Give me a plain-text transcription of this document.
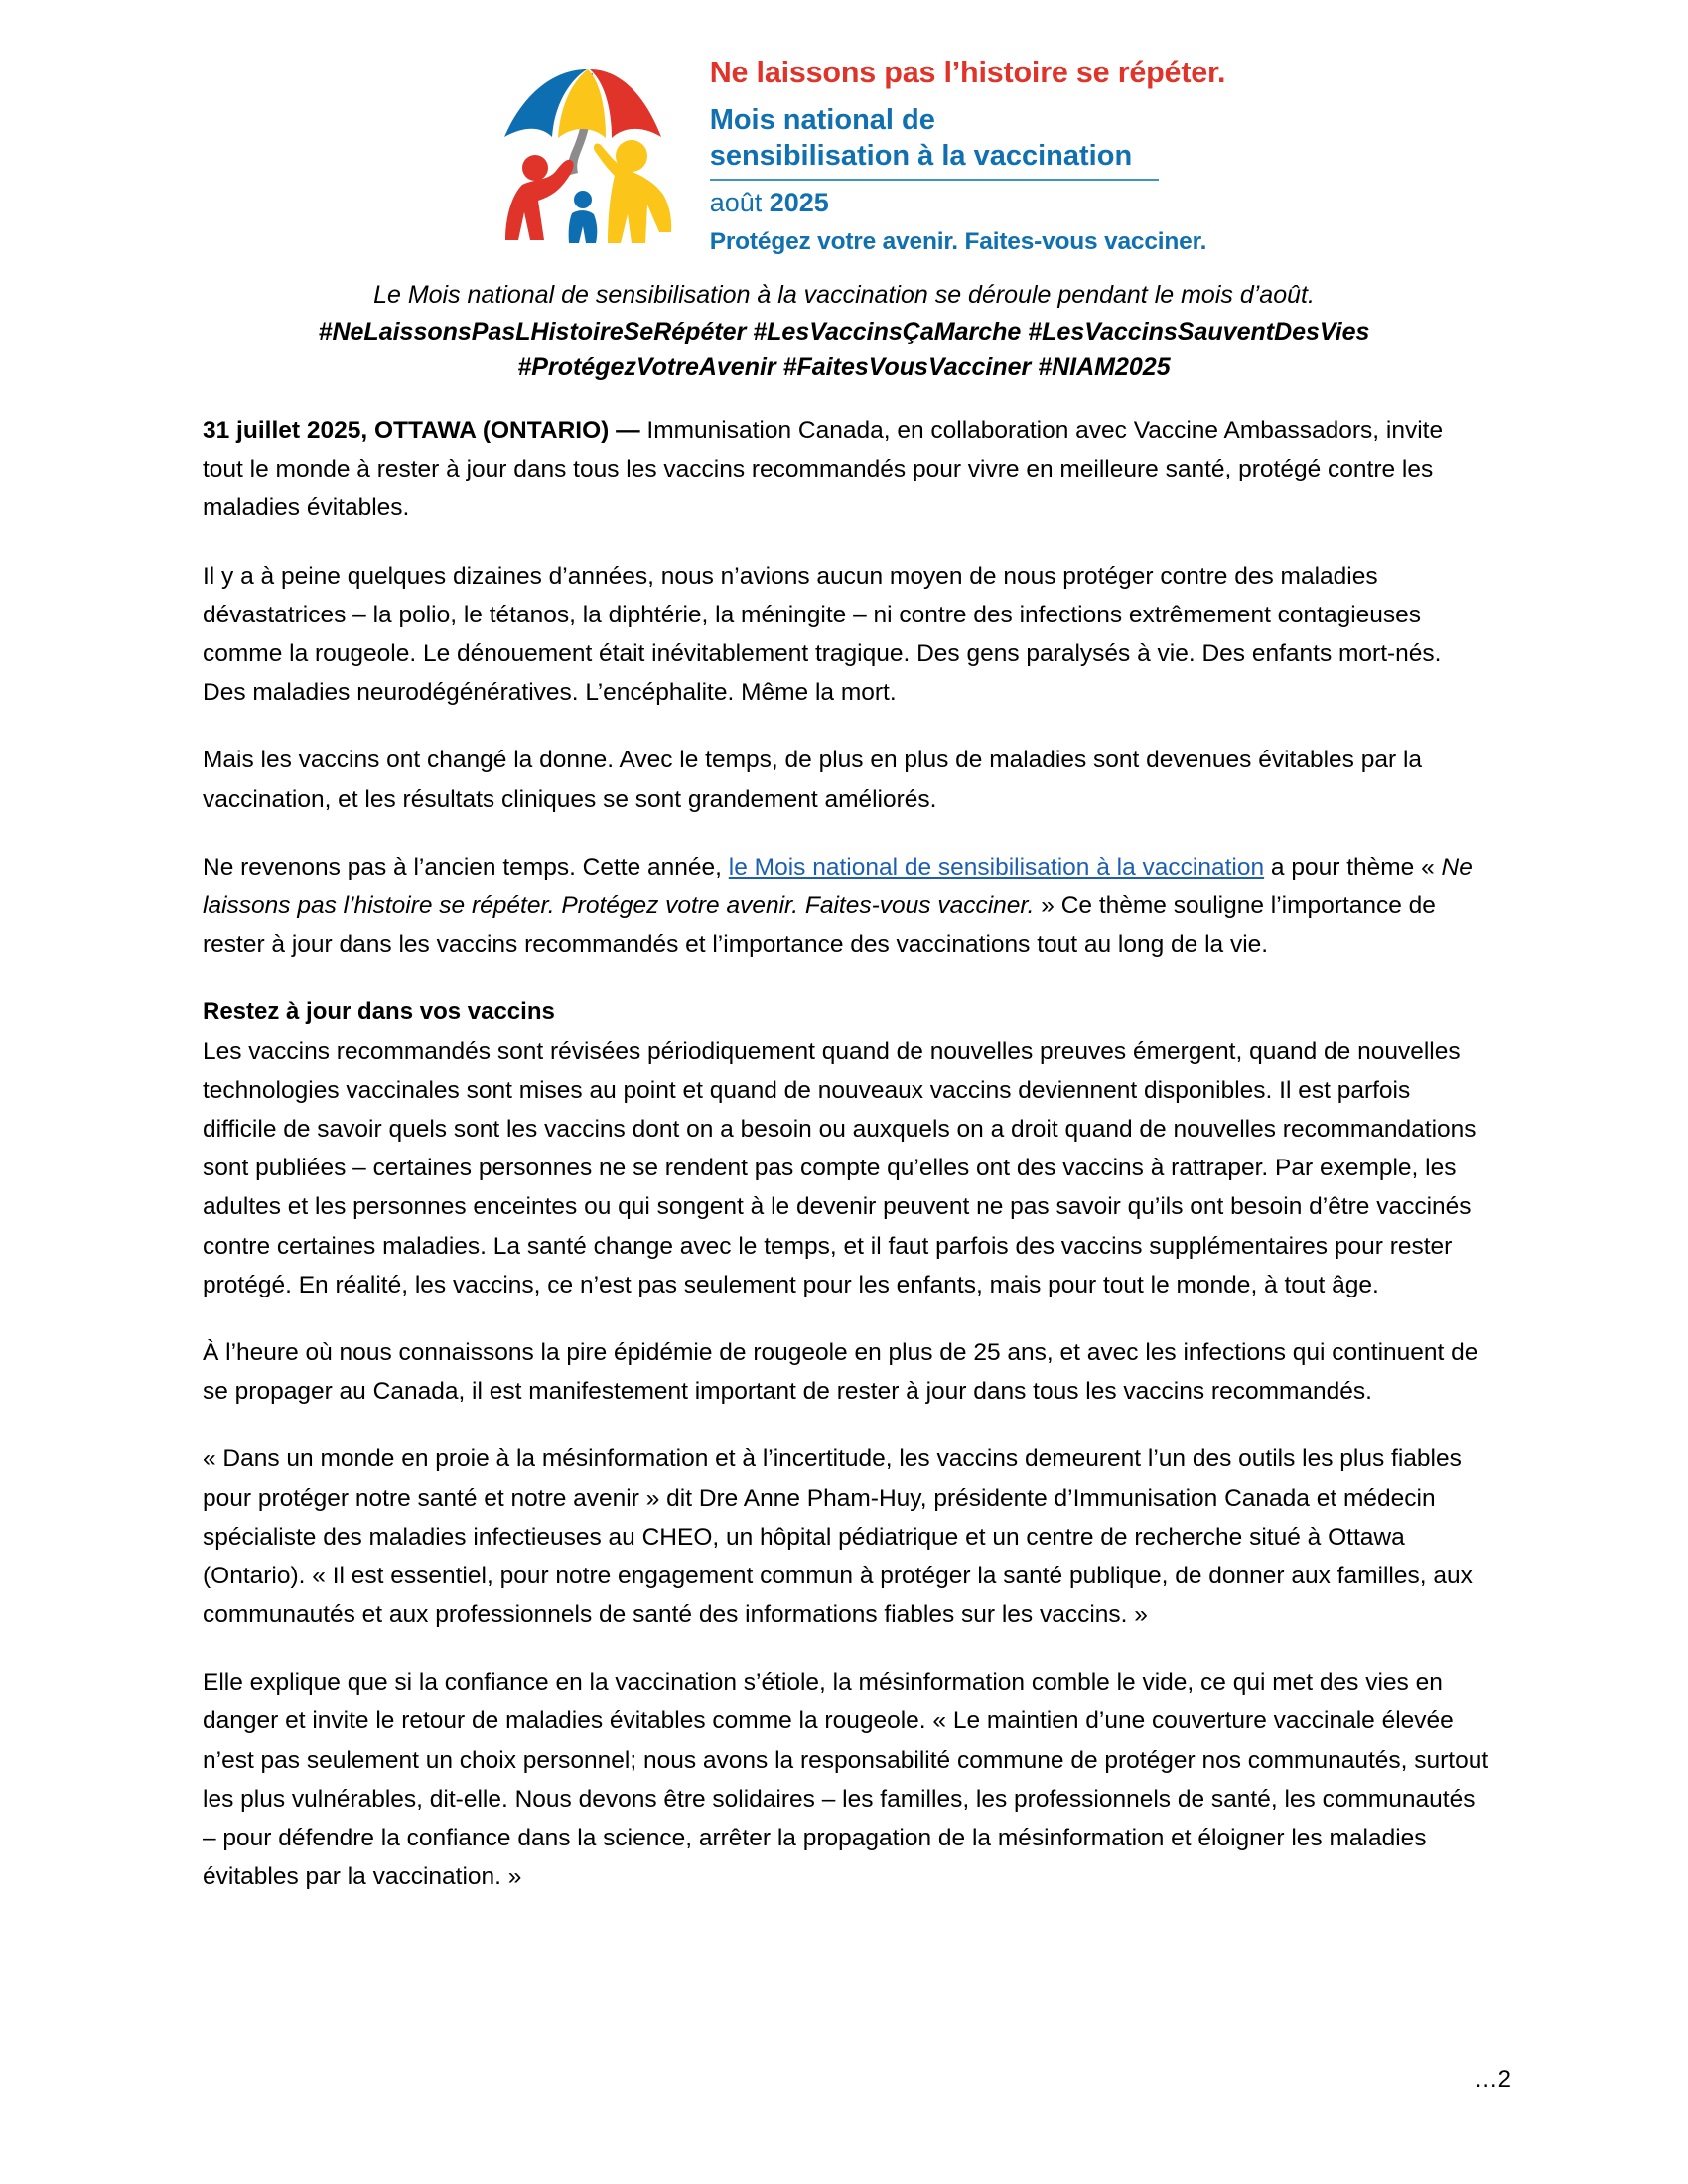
Ne laissons pas l’histoire se répéter.
Mois national de
sensibilisation à la vaccination
août 2025
Protégez votre avenir. Faites-vous vacciner.
Le Mois national de sensibilisation à la vaccination se déroule pendant le mois d’août.
#NeLaissonsPasLHistoireSeRépéter #LesVaccinsÇaMarche #LesVaccinsSauventDesVies
#ProtégezVotreAvenir #FaitesVousVacciner #NIAM2025

31 juillet 2025, OTTAWA (ONTARIO) — Immunisation Canada, en collaboration avec Vaccine Ambassadors, invite tout le monde à rester à jour dans tous les vaccins recommandés pour vivre en meilleure santé, protégé contre les maladies évitables.

Il y a à peine quelques dizaines d’années, nous n’avions aucun moyen de nous protéger contre des maladies dévastatrices – la polio, le tétanos, la diphtérie, la méningite – ni contre des infections extrêmement contagieuses comme la rougeole. Le dénouement était inévitablement tragique. Des gens paralysés à vie. Des enfants mort-nés. Des maladies neurodégénératives. L’encéphalite. Même la mort.

Mais les vaccins ont changé la donne. Avec le temps, de plus en plus de maladies sont devenues évitables par la vaccination, et les résultats cliniques se sont grandement améliorés.

Ne revenons pas à l’ancien temps. Cette année, le Mois national de sensibilisation à la vaccination a pour thème « Ne laissons pas l’histoire se répéter. Protégez votre avenir. Faites-vous vacciner. » Ce thème souligne l’importance de rester à jour dans les vaccins recommandés et l’importance des vaccinations tout au long de la vie.

Restez à jour dans vos vaccins

Les vaccins recommandés sont révisées périodiquement quand de nouvelles preuves émergent, quand de nouvelles technologies vaccinales sont mises au point et quand de nouveaux vaccins deviennent disponibles. Il est parfois difficile de savoir quels sont les vaccins dont on a besoin ou auxquels on a droit quand de nouvelles recommandations sont publiées – certaines personnes ne se rendent pas compte qu’elles ont des vaccins à rattraper. Par exemple, les adultes et les personnes enceintes ou qui songent à le devenir peuvent ne pas savoir qu’ils ont besoin d’être vaccinés contre certaines maladies. La santé change avec le temps, et il faut parfois des vaccins supplémentaires pour rester protégé. En réalité, les vaccins, ce n’est pas seulement pour les enfants, mais pour tout le monde, à tout âge.

À l’heure où nous connaissons la pire épidémie de rougeole en plus de 25 ans, et avec les infections qui continuent de se propager au Canada, il est manifestement important de rester à jour dans tous les vaccins recommandés.

« Dans un monde en proie à la mésinformation et à l’incertitude, les vaccins demeurent l’un des outils les plus fiables pour protéger notre santé et notre avenir » dit Dre Anne Pham-Huy, présidente d’Immunisation Canada et médecin spécialiste des maladies infectieuses au CHEO, un hôpital pédiatrique et un centre de recherche situé à Ottawa (Ontario). « Il est essentiel, pour notre engagement commun à protéger la santé publique, de donner aux familles, aux communautés et aux professionnels de santé des informations fiables sur les vaccins. »

Elle explique que si la confiance en la vaccination s’étiole, la mésinformation comble le vide, ce qui met des vies en danger et invite le retour de maladies évitables comme la rougeole. « Le maintien d’une couverture vaccinale élevée n’est pas seulement un choix personnel; nous avons la responsabilité commune de protéger nos communautés, surtout les plus vulnérables, dit-elle. Nous devons être solidaires – les familles, les professionnels de santé, les communautés – pour défendre la confiance dans la science, arrêter la propagation de la mésinformation et éloigner les maladies évitables par la vaccination. »

…2
